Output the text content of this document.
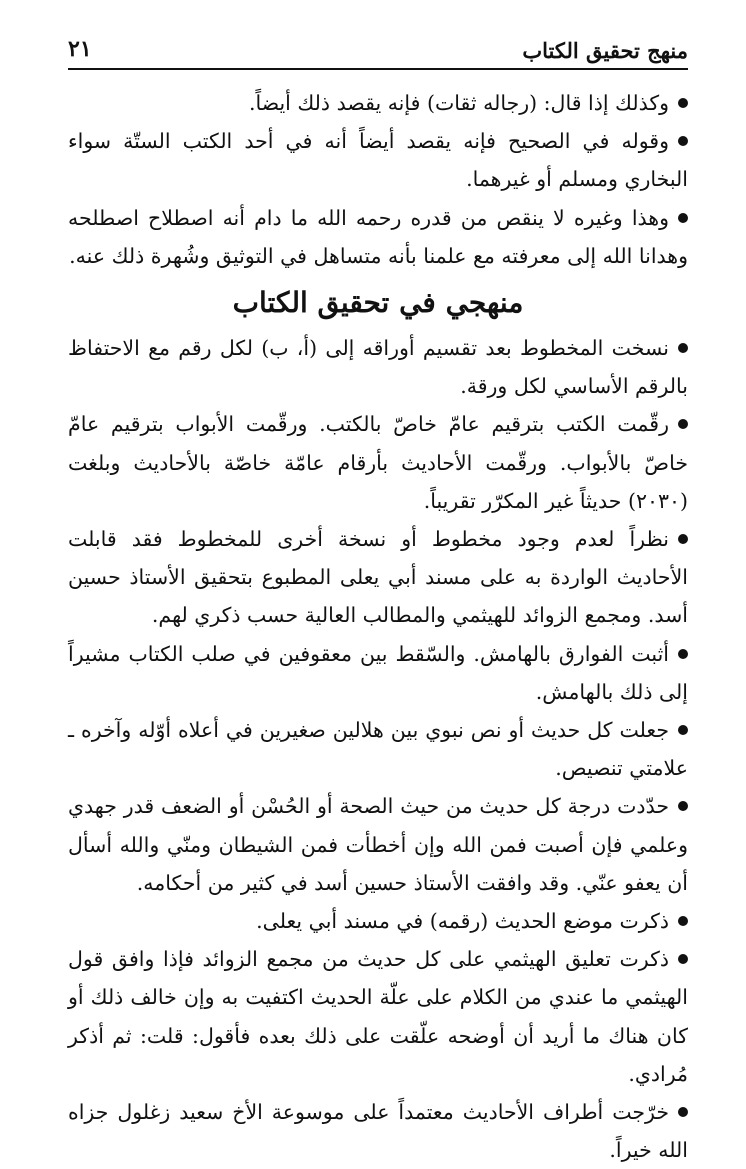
منهج تحقيق الكتاب
٢١

وكذلك إذا قال: (رجاله ثقات) فإنه يقصد ذلك أيضاً.

وقوله في الصحيح فإنه يقصد أيضاً أنه في أحد الكتب الستّة سواء البخاري ومسلم أو غيرهما.

وهذا وغيره لا ينقص من قدره رحمه الله ما دام أنه اصطلاح اصطلحه وهدانا الله إلى معرفته مع علمنا بأنه متساهل في التوثيق وشُهرة ذلك عنه.

منهجي في تحقيق الكتاب

نسخت المخطوط بعد تقسيم أوراقه إلى (أ، ب) لكل رقم مع الاحتفاظ بالرقم الأساسي لكل ورقة.

رقّمت الكتب بترقيم عامّ خاصّ بالكتب. ورقّمت الأبواب بترقيم عامّ خاصّ بالأبواب. ورقّمت الأحاديث بأرقام عامّة خاصّة بالأحاديث وبلغت (٢٠٣٠) حديثاً غير المكرّر تقريباً.

نظراً لعدم وجود مخطوط أو نسخة أخرى للمخطوط فقد قابلت الأحاديث الواردة به على مسند أبي يعلى المطبوع بتحقيق الأستاذ حسين أسد. ومجمع الزوائد للهيثمي والمطالب العالية حسب ذكري لهم.

أثبت الفوارق بالهامش. والسّقط بين معقوفين في صلب الكتاب مشيراً إلى ذلك بالهامش.

جعلت كل حديث أو نص نبوي بين هلالين صغيرين في أعلاه أوّله وآخره ـ علامتي تنصيص.

حدّدت درجة كل حديث من حيث الصحة أو الحُسْن أو الضعف قدر جهدي وعلمي فإن أصبت فمن الله وإن أخطأت فمن الشيطان ومنّي والله أسأل أن يعفو عنّي. وقد وافقت الأستاذ حسين أسد في كثير من أحكامه.

ذكرت موضع الحديث (رقمه) في مسند أبي يعلى.

ذكرت تعليق الهيثمي على كل حديث من مجمع الزوائد فإذا وافق قول الهيثمي ما عندي من الكلام على علّة الحديث اكتفيت به وإن خالف ذلك أو كان هناك ما أريد أن أوضحه علّقت على ذلك بعده فأقول: قلت: ثم أذكر مُرادي.

خرّجت أطراف الأحاديث معتمداً على موسوعة الأخ سعيد زغلول جزاه الله خيراً.
